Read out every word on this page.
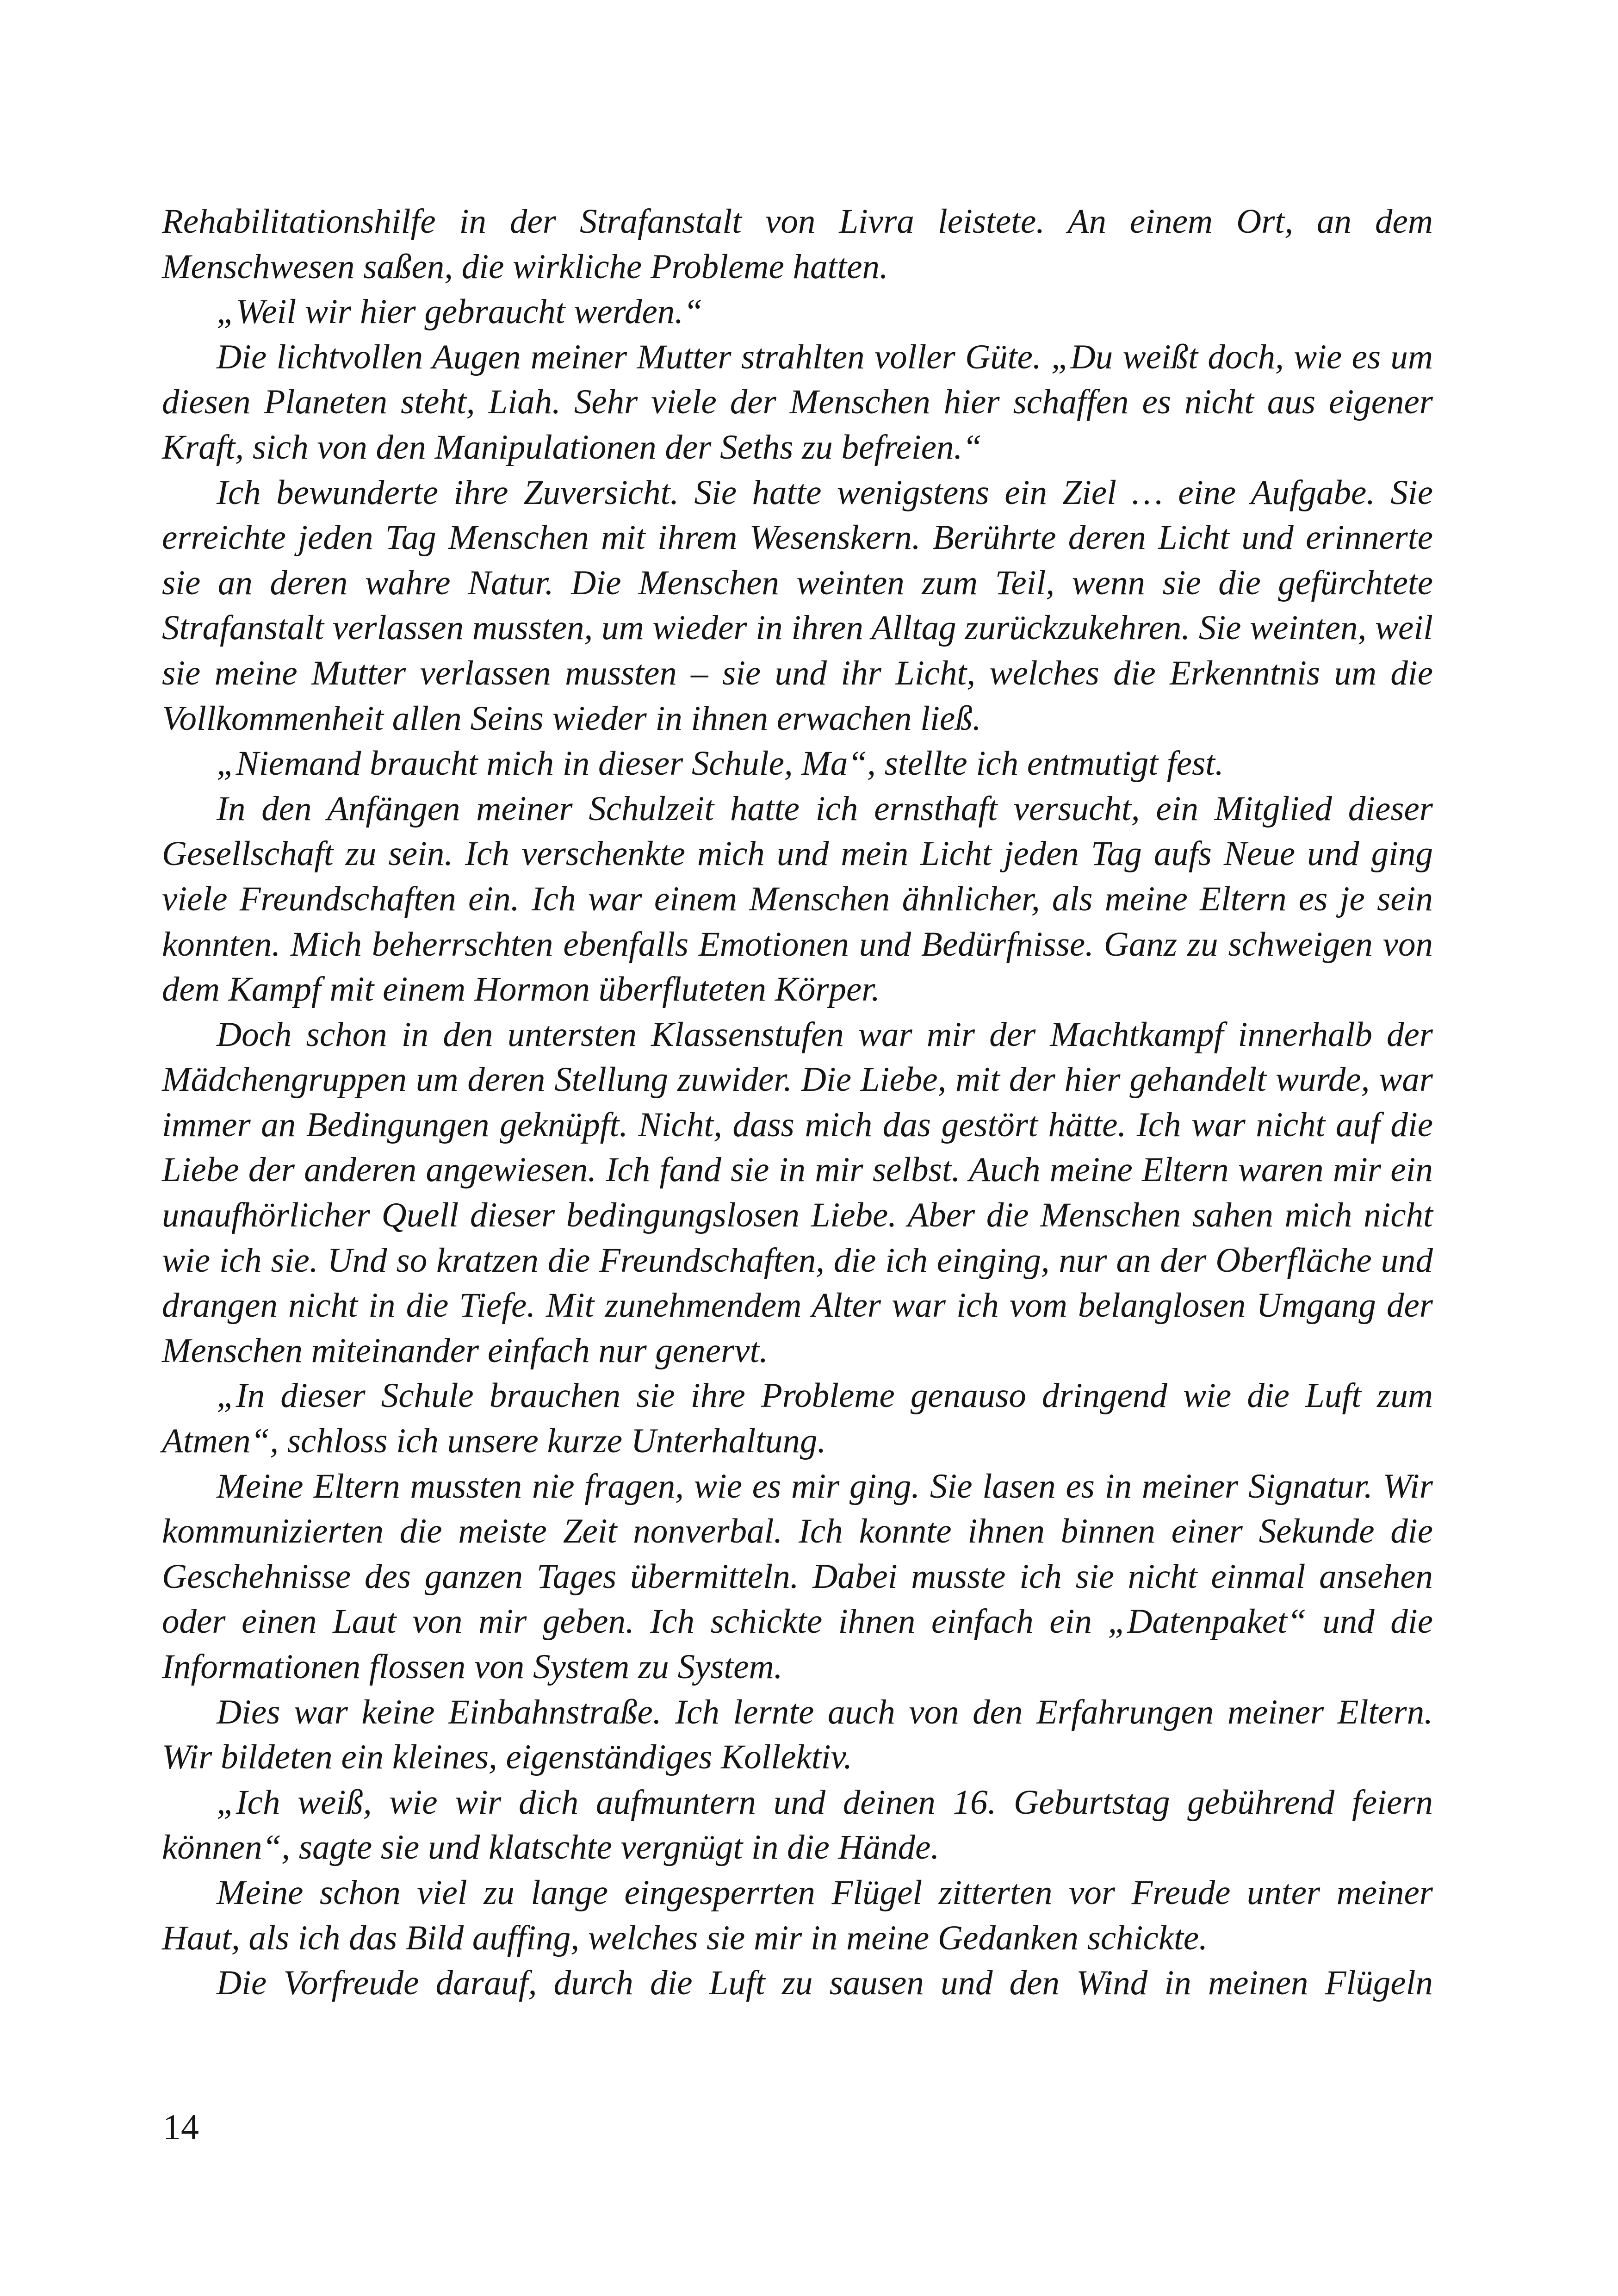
Rehabilitationshilfe in der Strafanstalt von Livra leistete. An einem Ort, an dem Menschwesen saßen, die wirkliche Probleme hatten.

„Weil wir hier gebraucht werden.“

Die lichtvollen Augen meiner Mutter strahlten voller Güte. „Du weißt doch, wie es um diesen Planeten steht, Liah. Sehr viele der Menschen hier schaffen es nicht aus eigener Kraft, sich von den Manipulationen der Seths zu befreien.“

Ich bewunderte ihre Zuversicht. Sie hatte wenigstens ein Ziel … eine Aufgabe. Sie erreichte jeden Tag Menschen mit ihrem Wesenskern. Berührte deren Licht und erinnerte sie an deren wahre Natur. Die Menschen weinten zum Teil, wenn sie die gefürchtete Strafanstalt verlassen mussten, um wieder in ihren Alltag zurückzukehren. Sie weinten, weil sie meine Mutter verlassen mussten – sie und ihr Licht, welches die Erkenntnis um die Vollkommenheit allen Seins wieder in ihnen erwachen ließ.

„Niemand braucht mich in dieser Schule, Ma“, stellte ich entmutigt fest.

In den Anfängen meiner Schulzeit hatte ich ernsthaft versucht, ein Mitglied dieser Gesellschaft zu sein. Ich verschenkte mich und mein Licht jeden Tag aufs Neue und ging viele Freundschaften ein. Ich war einem Menschen ähnlicher, als meine Eltern es je sein konnten. Mich beherrschten ebenfalls Emotionen und Bedürfnisse. Ganz zu schweigen von dem Kampf mit einem Hormon überfluteten Körper.

Doch schon in den untersten Klassenstufen war mir der Machtkampf innerhalb der Mädchengruppen um deren Stellung zuwider. Die Liebe, mit der hier gehandelt wurde, war immer an Bedingungen geknüpft. Nicht, dass mich das gestört hätte. Ich war nicht auf die Liebe der anderen angewiesen. Ich fand sie in mir selbst. Auch meine Eltern waren mir ein unaufhörlicher Quell dieser bedingungslosen Liebe. Aber die Menschen sahen mich nicht wie ich sie. Und so kratzen die Freundschaften, die ich einging, nur an der Oberfläche und drangen nicht in die Tiefe. Mit zunehmendem Alter war ich vom belanglosen Umgang der Menschen miteinander einfach nur genervt.

„In dieser Schule brauchen sie ihre Probleme genauso dringend wie die Luft zum Atmen“, schloss ich unsere kurze Unterhaltung.

Meine Eltern mussten nie fragen, wie es mir ging. Sie lasen es in meiner Signatur. Wir kommunizierten die meiste Zeit nonverbal. Ich konnte ihnen binnen einer Sekunde die Geschehnisse des ganzen Tages übermitteln. Dabei musste ich sie nicht einmal ansehen oder einen Laut von mir geben. Ich schickte ihnen einfach ein „Datenpaket“ und die Informationen flossen von System zu System.

Dies war keine Einbahnstraße. Ich lernte auch von den Erfahrungen meiner Eltern. Wir bildeten ein kleines, eigenständiges Kollektiv.

„Ich weiß, wie wir dich aufmuntern und deinen 16. Geburtstag gebührend feiern können“, sagte sie und klatschte vergnügt in die Hände.

Meine schon viel zu lange eingesperrten Flügel zitterten vor Freude unter meiner Haut, als ich das Bild auffing, welches sie mir in meine Gedanken schickte.

Die Vorfreude darauf, durch die Luft zu sausen und den Wind in meinen Flügeln

14
